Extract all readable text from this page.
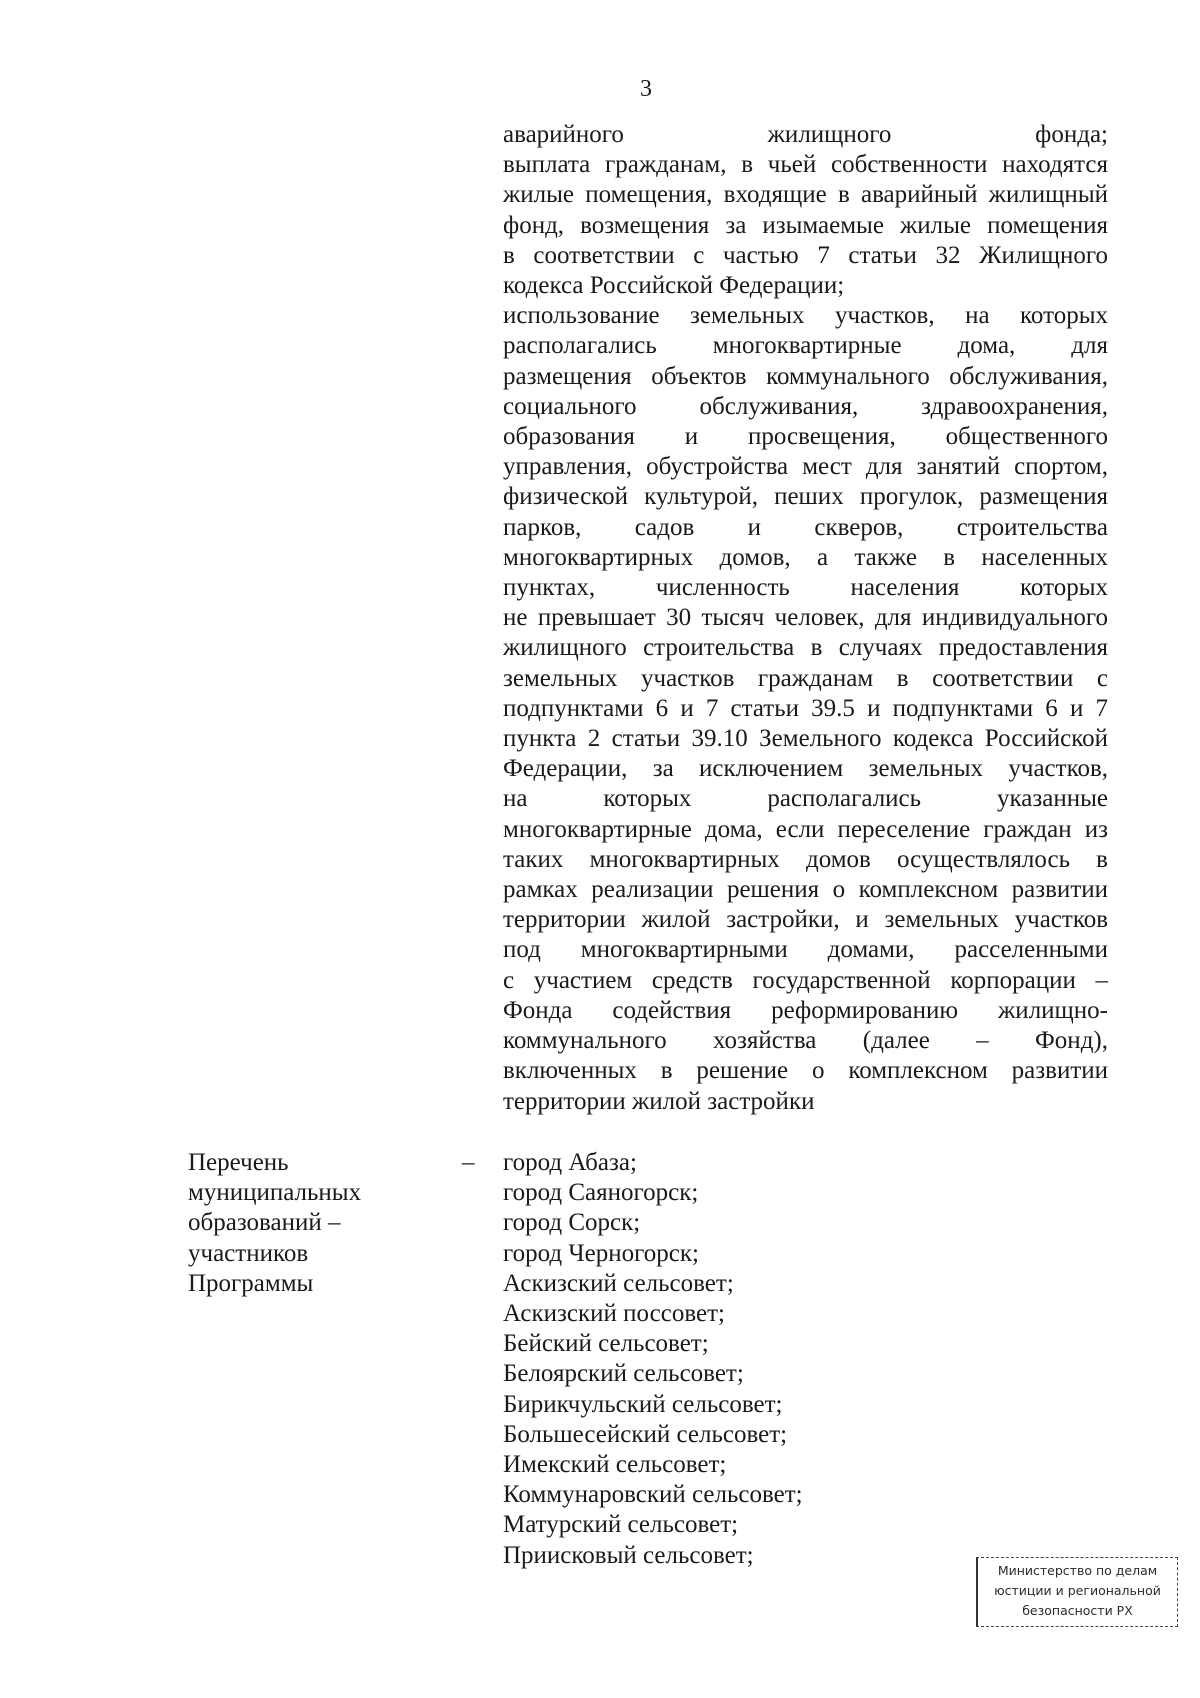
3
аварийного жилищного фонда;
выплата гражданам, в чьей собственности находятся
жилые помещения, входящие в аварийный жилищный
фонд, возмещения за изымаемые жилые помещения
в соответствии с частью 7 статьи 32 Жилищного
кодекса Российской Федерации;
использование земельных участков, на которых
располагались многоквартирные дома, для
размещения объектов коммунального обслуживания,
социального обслуживания, здравоохранения,
образования и просвещения, общественного
управления, обустройства мест для занятий спортом,
физической культурой, пеших прогулок, размещения
парков, садов и скверов, строительства
многоквартирных домов, а также в населенных
пунктах, численность населения которых
не превышает 30 тысяч человек, для индивидуального
жилищного строительства в случаях предоставления
земельных участков гражданам в соответствии с
подпунктами 6 и 7 статьи 39.5 и подпунктами 6 и 7
пункта 2 статьи 39.10 Земельного кодекса Российской
Федерации, за исключением земельных участков,
на которых располагались указанные
многоквартирные дома, если переселение граждан из
таких многоквартирных домов осуществлялось в
рамках реализации решения о комплексном развитии
территории жилой застройки, и земельных участков
под многоквартирными домами, расселенными
с участием средств государственной корпорации –
Фонда содействия реформированию жилищно-
коммунального хозяйства (далее – Фонд),
включенных в решение о комплексном развитии
территории жилой застройки
Перечень
муниципальных
образований –
участников
Программы
– город Абаза;
город Саяногорск;
город Сорск;
город Черногорск;
Аскизский сельсовет;
Аскизский поссовет;
Бейский сельсовет;
Белоярский сельсовет;
Бирикчульский сельсовет;
Большесейский сельсовет;
Имекский сельсовет;
Коммунаровский сельсовет;
Матурский сельсовет;
Приисковый сельсовет;
Министерство по делам
юстиции и региональной
безопасности РХ
